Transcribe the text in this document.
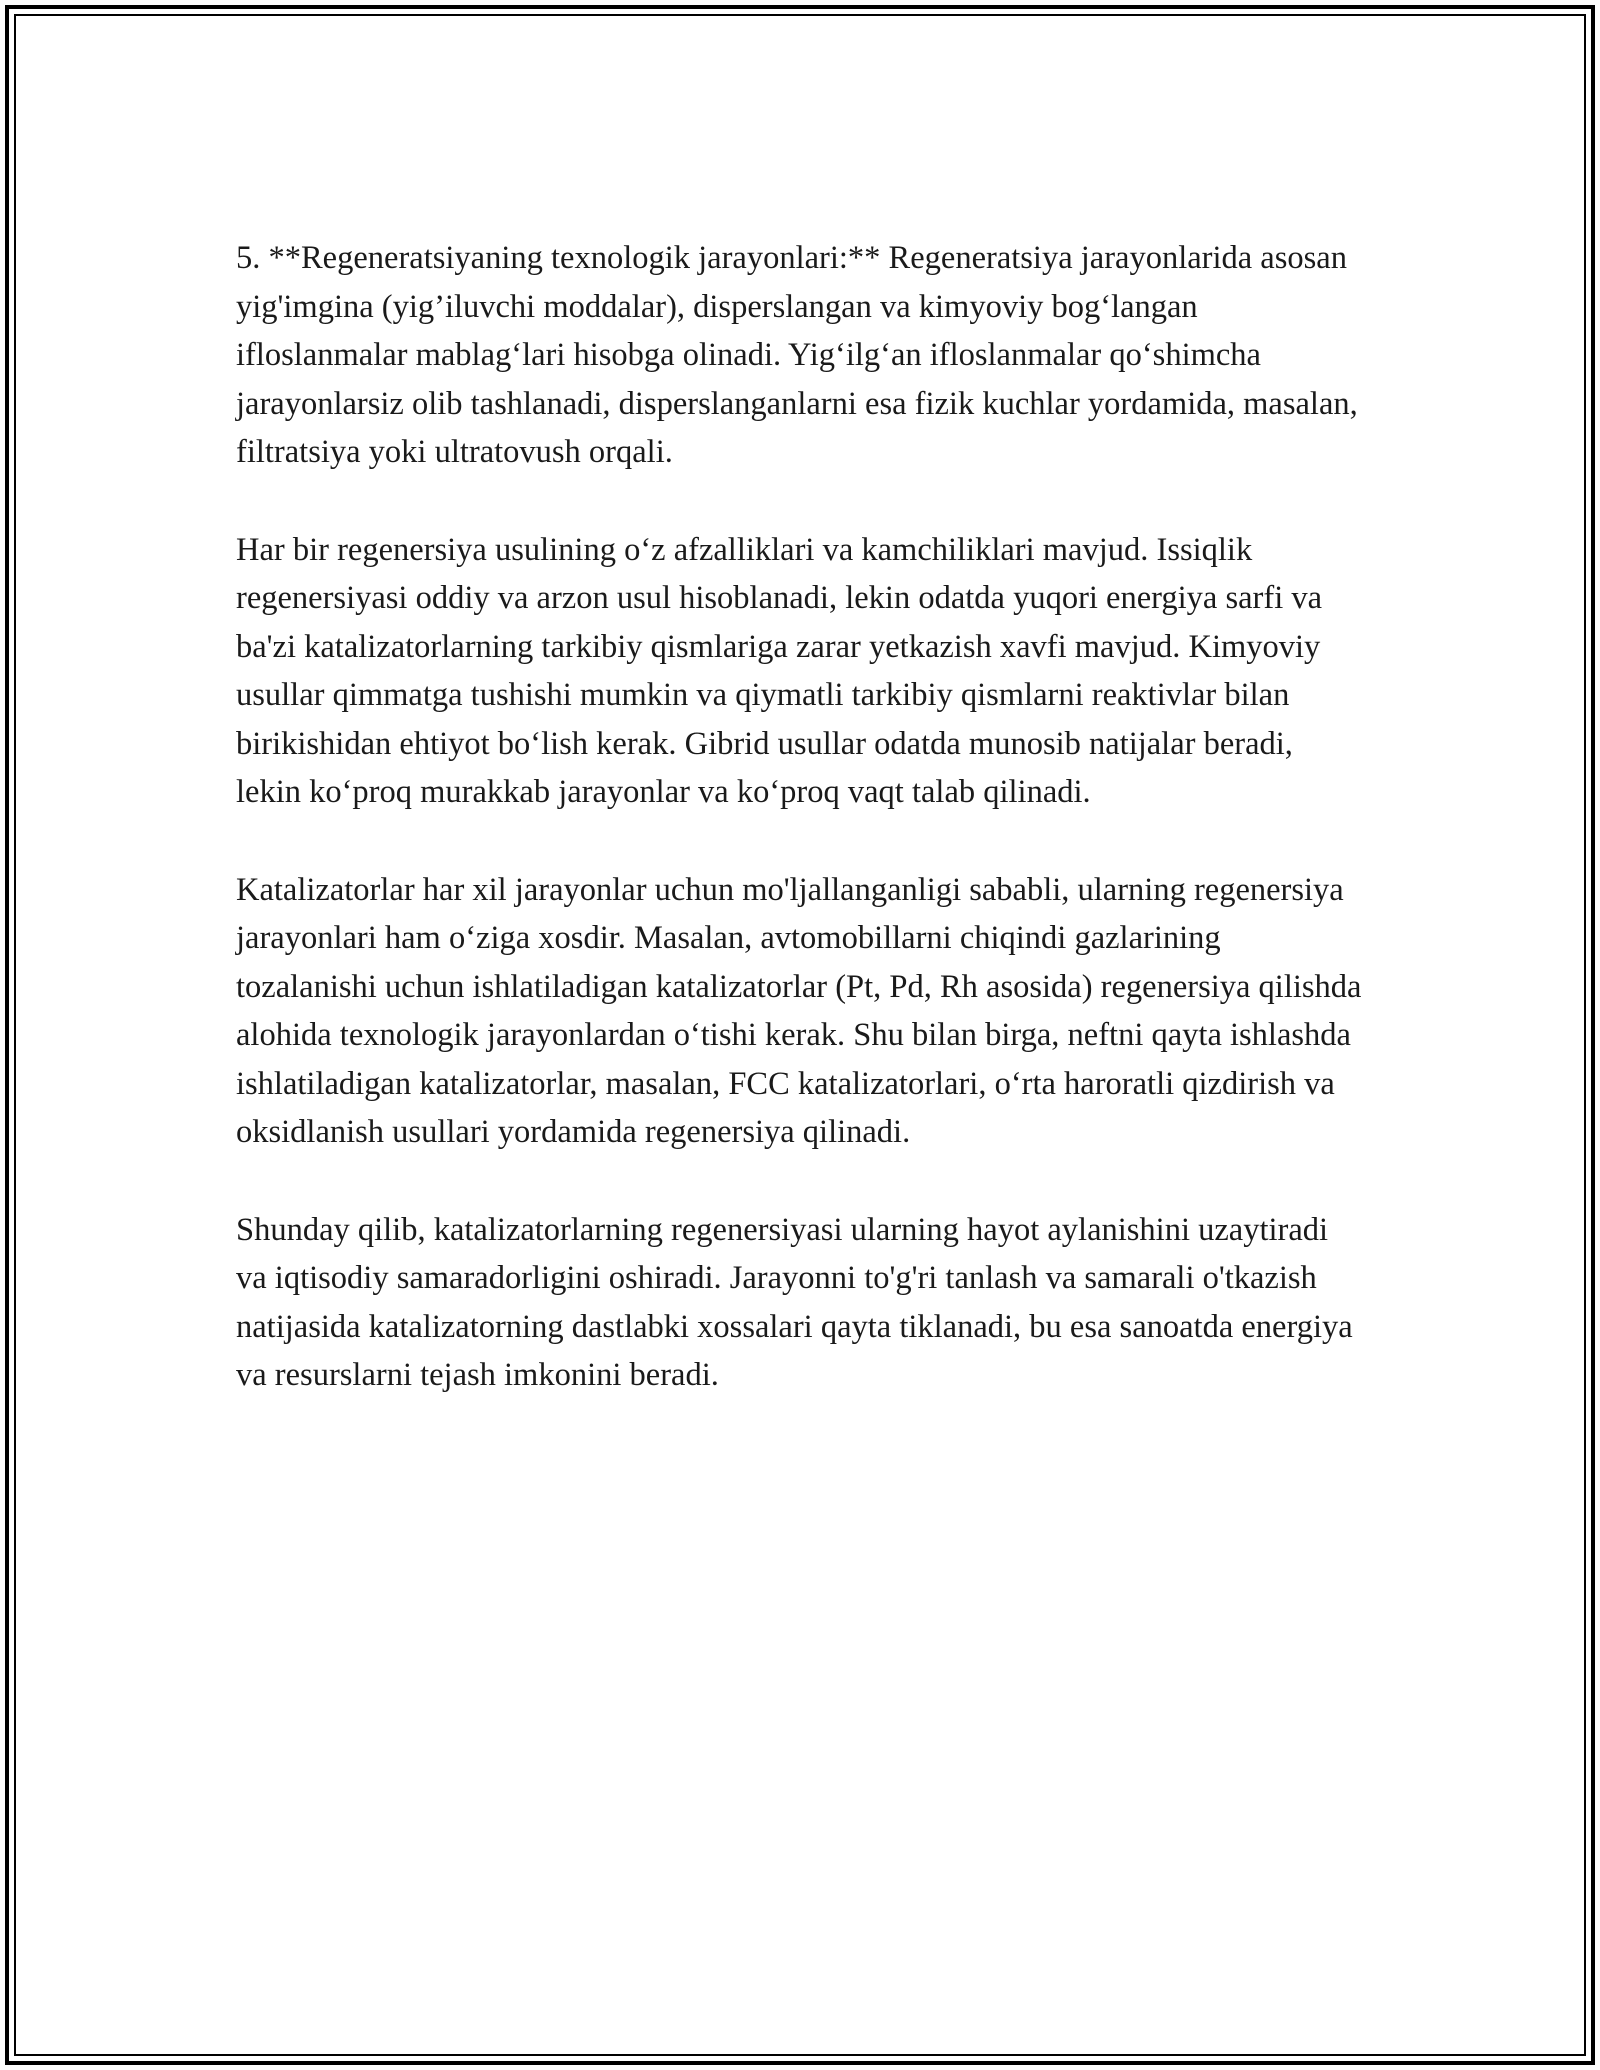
5. **Regeneratsiyaning texnologik jarayonlari:** Regeneratsiya jarayonlarida asosan yig'imgina (yig’iluvchi moddalar), disperslangan va kimyoviy bog‘langan ifloslanmalar mablag‘lari hisobga olinadi. Yig‘ilg‘an ifloslanmalar qo‘shimcha jarayonlarsiz olib tashlanadi, disperslanganlarni esa fizik kuchlar yordamida, masalan, filtratsiya yoki ultratovush orqali.

Har bir regenersiya usulining o‘z afzalliklari va kamchiliklari mavjud. Issiqlik regenersiyasi oddiy va arzon usul hisoblanadi, lekin odatda yuqori energiya sarfi va ba'zi katalizatorlarning tarkibiy qismlariga zarar yetkazish xavfi mavjud. Kimyoviy usullar qimmatga tushishi mumkin va qiymatli tarkibiy qismlarni reaktivlar bilan birikishidan ehtiyot bo‘lish kerak. Gibrid usullar odatda munosib natijalar beradi, lekin ko‘proq murakkab jarayonlar va ko‘proq vaqt talab qilinadi.

Katalizatorlar har xil jarayonlar uchun mo'ljallanganligi sababli, ularning regenersiya jarayonlari ham o‘ziga xosdir. Masalan, avtomobillarni chiqindi gazlarining tozalanishi uchun ishlatiladigan katalizatorlar (Pt, Pd, Rh asosida) regenersiya qilishda alohida texnologik jarayonlardan o‘tishi kerak. Shu bilan birga, neftni qayta ishlashda ishlatiladigan katalizatorlar, masalan, FCC katalizatorlari, o‘rta haroratli qizdirish va oksidlanish usullari yordamida regenersiya qilinadi.

Shunday qilib, katalizatorlarning regenersiyasi ularning hayot aylanishini uzaytiradi va iqtisodiy samaradorligini oshiradi. Jarayonni to'g'ri tanlash va samarali o'tkazish natijasida katalizatorning dastlabki xossalari qayta tiklanadi, bu esa sanoatda energiya va resurslarni tejash imkonini beradi.
